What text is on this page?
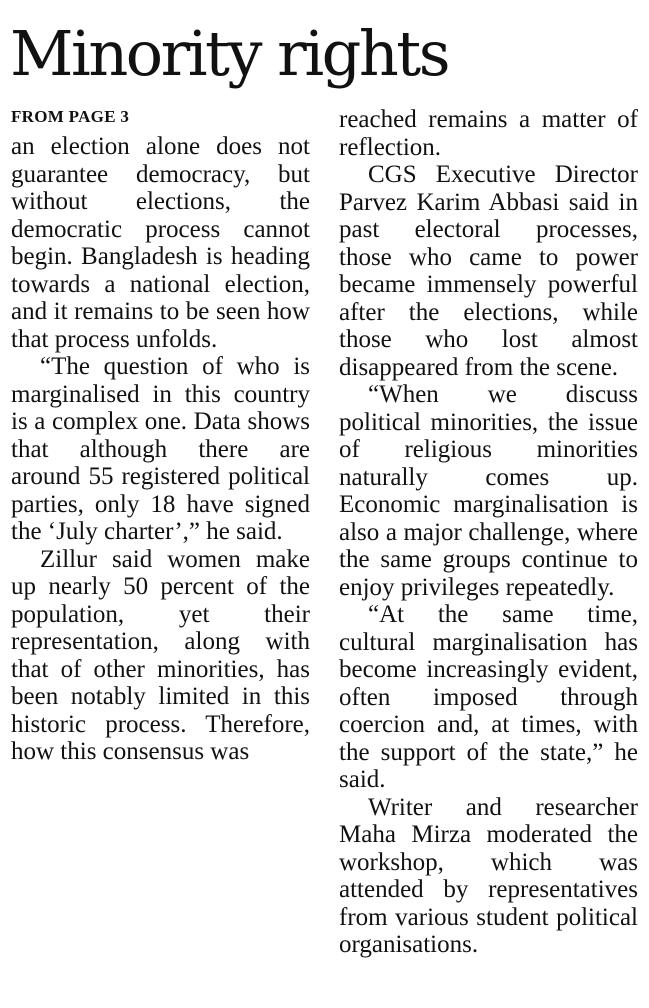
Minority rights
FROM PAGE 3

an election alone does not guarantee democracy, but without elections, the democratic process cannot begin. Bangladesh is heading towards a national election, and it remains to be seen how that process unfolds.

“The question of who is marginalised in this country is a complex one. Data shows that although there are around 55 registered political parties, only 18 have signed the ‘July charter’,” he said.

Zillur said women make up nearly 50 percent of the population, yet their representation, along with that of other minorities, has been notably limited in this historic process. Therefore, how this consensus was

reached remains a matter of reflection.

CGS Executive Director Parvez Karim Abbasi said in past electoral processes, those who came to power became immensely powerful after the elections, while those who lost almost disappeared from the scene.

“When we discuss political minorities, the issue of religious minorities naturally comes up. Economic marginalisation is also a major challenge, where the same groups continue to enjoy privileges repeatedly.

“At the same time, cultural marginalisation has become increasingly evident, often imposed through coercion and, at times, with the support of the state,” he said.

Writer and researcher Maha Mirza moderated the workshop, which was attended by representatives from various student political organisations.
